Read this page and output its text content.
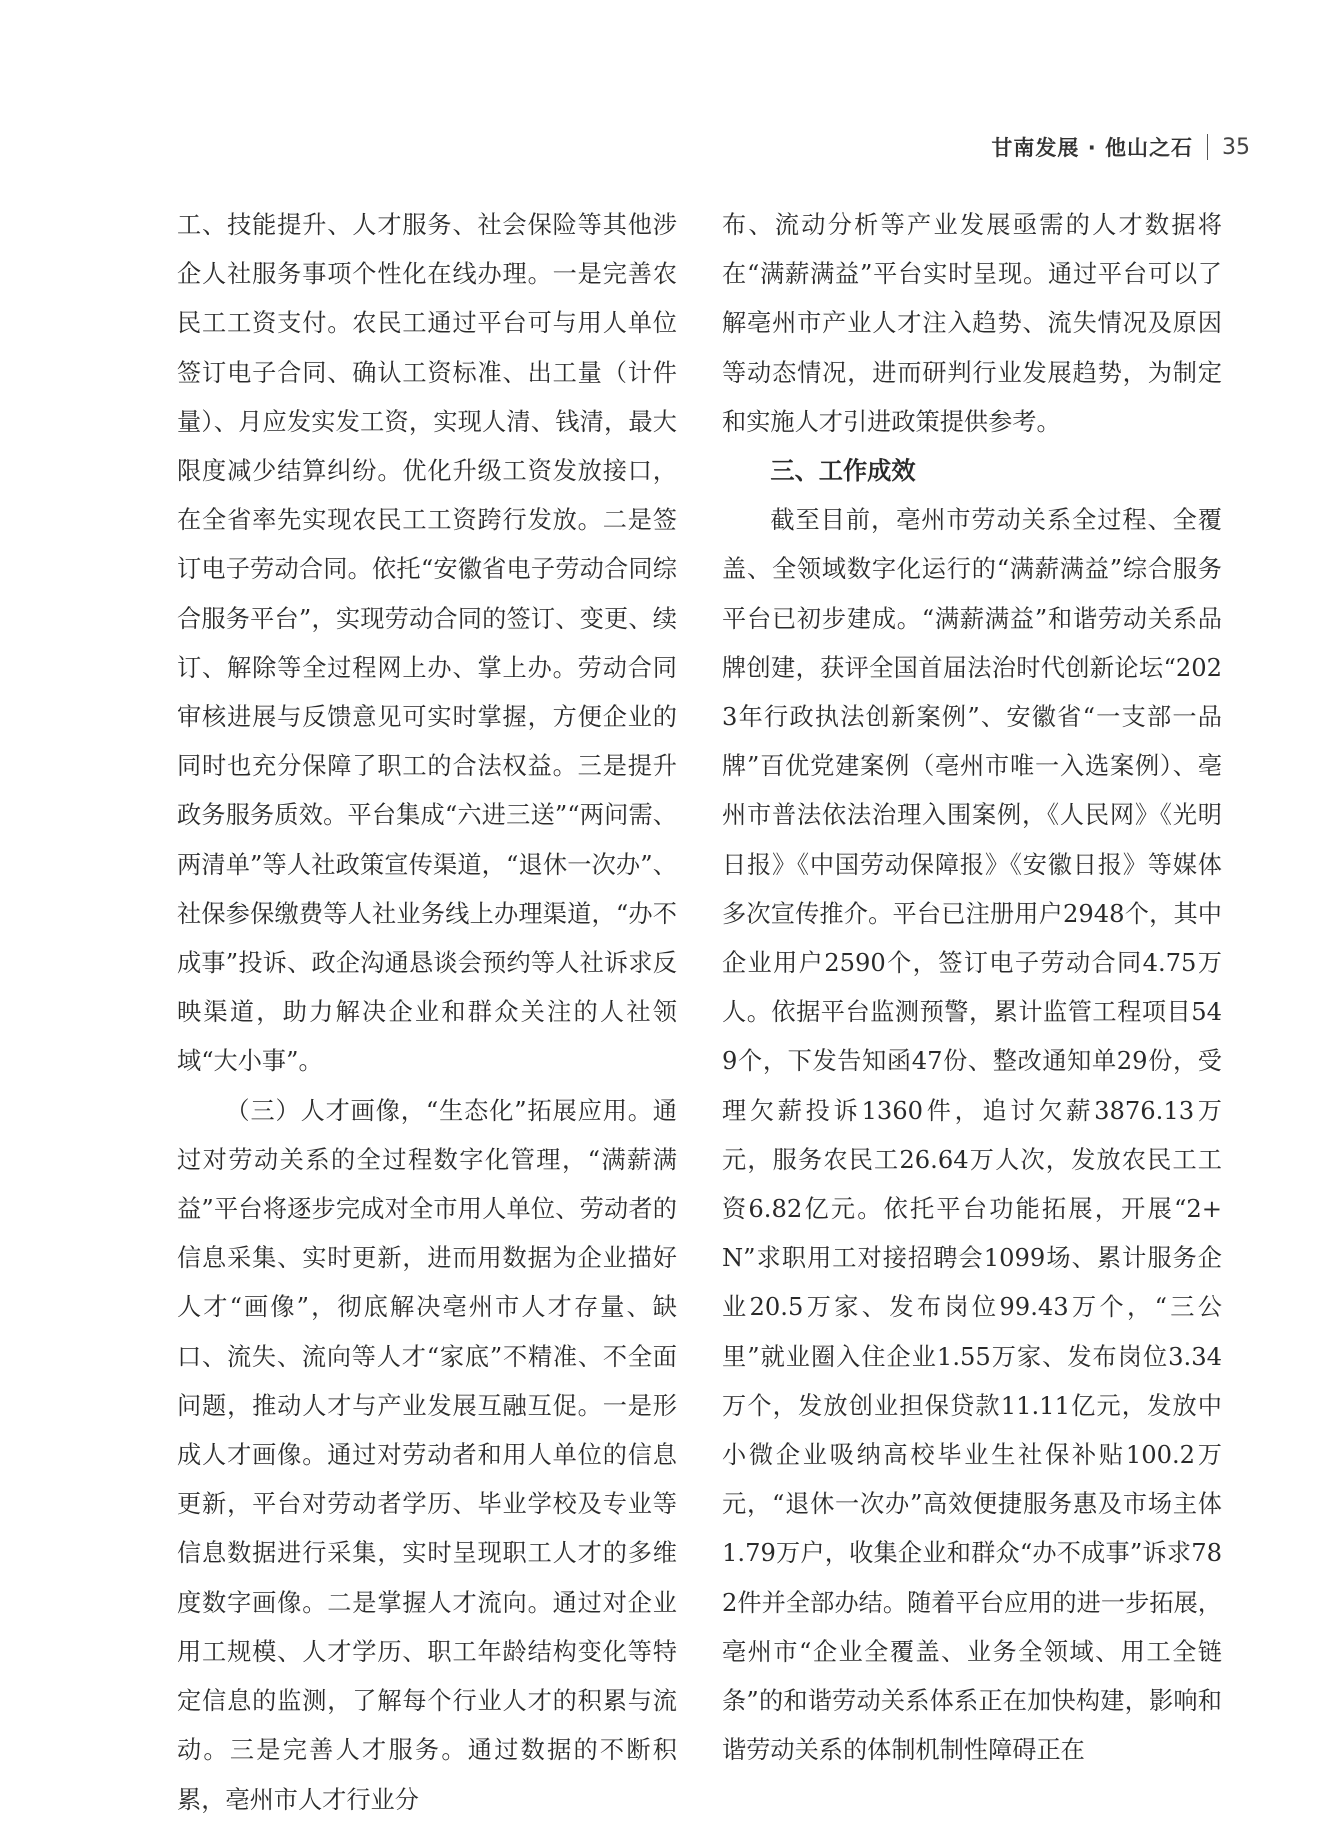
甘南发展 · 他山之石 35

工、技能提升、人才服务、社会保险等其他涉企人社服务事项个性化在线办理。一是完善农民工工资支付。农民工通过平台可与用人单位签订电子合同、确认工资标准、出工量（计件量）、月应发实发工资，实现人清、钱清，最大限度减少结算纠纷。优化升级工资发放接口，在全省率先实现农民工工资跨行发放。二是签订电子劳动合同。依托“安徽省电子劳动合同综合服务平台”，实现劳动合同的签订、变更、续订、解除等全过程网上办、掌上办。劳动合同审核进展与反馈意见可实时掌握，方便企业的同时也充分保障了职工的合法权益。三是提升政务服务质效。平台集成“六进三送”“两问需、两清单”等人社政策宣传渠道，“退休一次办”、社保参保缴费等人社业务线上办理渠道，“办不成事”投诉、政企沟通恳谈会预约等人社诉求反映渠道，助力解决企业和群众关注的人社领域“大小事”。

（三）人才画像，“生态化”拓展应用。通过对劳动关系的全过程数字化管理，“满薪满益”平台将逐步完成对全市用人单位、劳动者的信息采集、实时更新，进而用数据为企业描好人才“画像”，彻底解决亳州市人才存量、缺口、流失、流向等人才“家底”不精准、不全面问题，推动人才与产业发展互融互促。一是形成人才画像。通过对劳动者和用人单位的信息更新，平台对劳动者学历、毕业学校及专业等信息数据进行采集，实时呈现职工人才的多维度数字画像。二是掌握人才流向。通过对企业用工规模、人才学历、职工年龄结构变化等特定信息的监测，了解每个行业人才的积累与流动。三是完善人才服务。通过数据的不断积累，亳州市人才行业分

布、流动分析等产业发展亟需的人才数据将在“满薪满益”平台实时呈现。通过平台可以了解亳州市产业人才注入趋势、流失情况及原因等动态情况，进而研判行业发展趋势，为制定和实施人才引进政策提供参考。

三、工作成效

截至目前，亳州市劳动关系全过程、全覆盖、全领域数字化运行的“满薪满益”综合服务平台已初步建成。“满薪满益”和谐劳动关系品牌创建，获评全国首届法治时代创新论坛“2023年行政执法创新案例”、安徽省“一支部一品牌”百优党建案例（亳州市唯一入选案例）、亳州市普法依法治理入围案例，《人民网》《光明日报》《中国劳动保障报》《安徽日报》等媒体多次宣传推介。平台已注册用户2948个，其中企业用户2590个，签订电子劳动合同4.75万人。依据平台监测预警，累计监管工程项目549个，下发告知函47份、整改通知单29份，受理欠薪投诉1360件，追讨欠薪3876.13万元，服务农民工26.64万人次，发放农民工工资6.82亿元。依托平台功能拓展，开展“2+N”求职用工对接招聘会1099场、累计服务企业20.5万家、发布岗位99.43万个，“三公里”就业圈入住企业1.55万家、发布岗位3.34万个，发放创业担保贷款11.11亿元，发放中小微企业吸纳高校毕业生社保补贴100.2万元，“退休一次办”高效便捷服务惠及市场主体1.79万户，收集企业和群众“办不成事”诉求782件并全部办结。随着平台应用的进一步拓展，亳州市“企业全覆盖、业务全领域、用工全链条”的和谐劳动关系体系正在加快构建，影响和谐劳动关系的体制机制性障碍正在
